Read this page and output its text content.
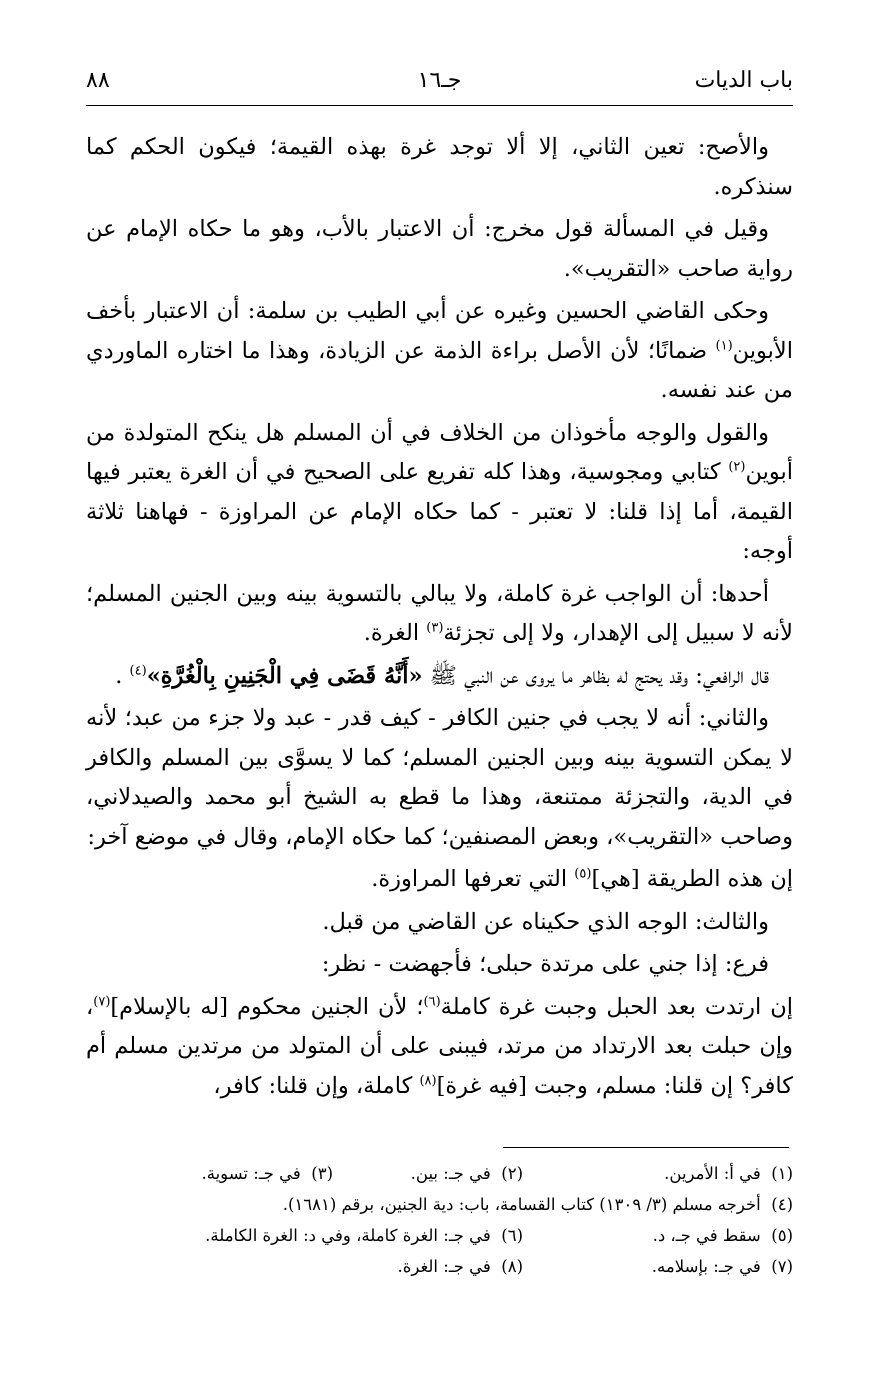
باب الديات
جـ١٦
٨٨

والأصح: تعين الثاني، إلا ألا توجد غرة بهذه القيمة؛ فيكون الحكم كما سنذكره.

وقيل في المسألة قول مخرج: أن الاعتبار بالأب، وهو ما حكاه الإمام عن رواية صاحب «التقريب».

وحكى القاضي الحسين وغيره عن أبي الطيب بن سلمة: أن الاعتبار بأخف الأبوين$^{(١)}$ ضمانًا؛ لأن الأصل براءة الذمة عن الزيادة، وهذا ما اختاره الماوردي من عند نفسه.

والقول والوجه مأخوذان من الخلاف في أن المسلم هل ينكح المتولدة من أبوين$^{(٢)}$ كتابي ومجوسية، وهذا كله تفريع على الصحيح في أن الغرة يعتبر فيها القيمة، أما إذا قلنا: لا تعتبر - كما حكاه الإمام عن المراوزة - فهاهنا ثلاثة أوجه:

أحدها: أن الواجب غرة كاملة، ولا يبالي بالتسوية بينه وبين الجنين المسلم؛ لأنه لا سبيل إلى الإهدار، ولا إلى تجزئة$^{(٣)}$ الغرة.

قال الرافعي: وقد يحتج له بظاهر ما يروى عن النبي ﷺ «أَنَّهُ قَضَى فِي الْجَنِينِ بِالْغُرَّةِ»$^{(٤)}$ .

والثاني: أنه لا يجب في جنين الكافر - كيف قدر - عبد ولا جزء من عبد؛ لأنه لا يمكن التسوية بينه وبين الجنين المسلم؛ كما لا يسوَّى بين المسلم والكافر في الدية، والتجزئة ممتنعة، وهذا ما قطع به الشيخ أبو محمد والصيدلاني، وصاحب «التقريب»، وبعض المصنفين؛ كما حكاه الإمام، وقال في موضع آخر:

إن هذه الطريقة [هي]$^{(٥)}$ التي تعرفها المراوزة.

والثالث: الوجه الذي حكيناه عن القاضي من قبل.

فرع: إذا جني على مرتدة حبلى؛ فأجهضت - نظر:

إن ارتدت بعد الحبل وجبت غرة كاملة$^{(٦)}$؛ لأن الجنين محكوم [له بالإسلام]$^{(٧)}$، وإن حبلت بعد الارتداد من مرتد، فيبنى على أن المتولد من مرتدين مسلم أم كافر؟ إن قلنا: مسلم، وجبت [فيه غرة]$^{(٨)}$ كاملة، وإن قلنا: كافر،

(١)  في أ: الأمرين.
(٢)  في جـ: بين.
(٣)  في جـ: تسوية.
(٤)  أخرجه مسلم (٣/ ١٣٠٩) كتاب القسامة، باب: دية الجنين، برقم (١٦٨١).
(٥)  سقط في جـ، د.
(٦)  في جـ: الغرة كاملة، وفي د: الغرة الكاملة.
(٧)  في جـ: بإسلامه.
(٨)  في جـ: الغرة.
